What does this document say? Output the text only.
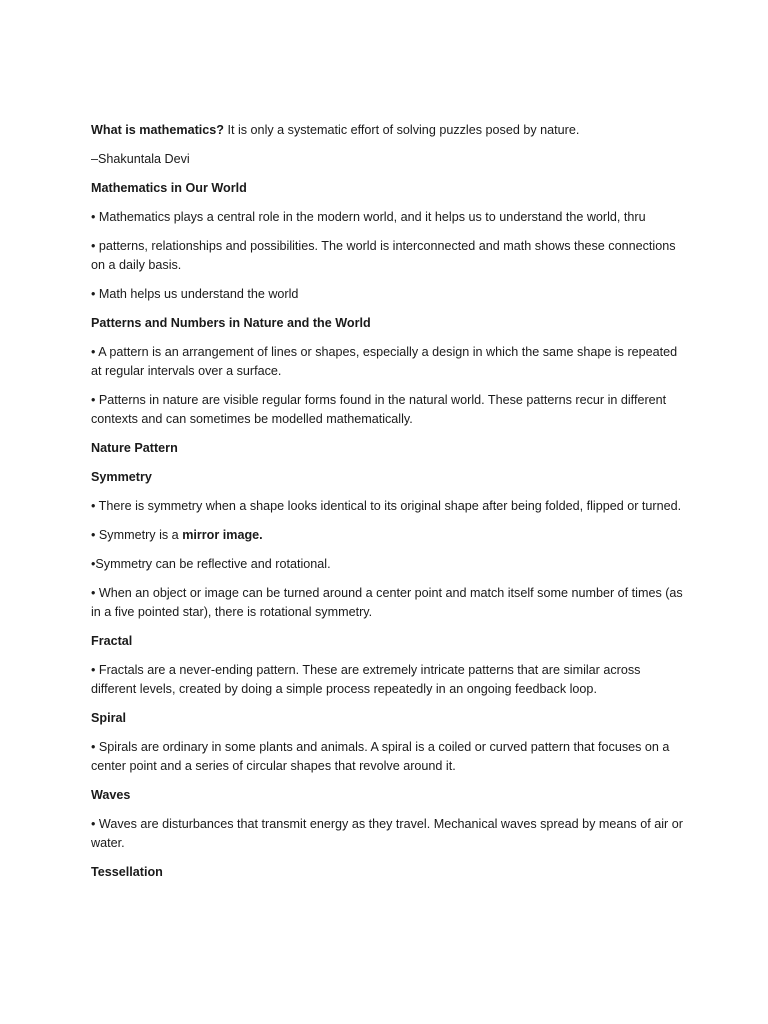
What is mathematics? It is only a systematic effort of solving puzzles posed by nature.

–Shakuntala Devi

Mathematics in Our World

• Mathematics plays a central role in the modern world, and it helps us to understand the world, thru

• patterns, relationships and possibilities. The world is interconnected and math shows these connections on a daily basis.

• Math helps us understand the world

Patterns and Numbers in Nature and the World

• A pattern is an arrangement of lines or shapes, especially a design in which the same shape is repeated at regular intervals over a surface.

• Patterns in nature are visible regular forms found in the natural world. These patterns recur in different contexts and can sometimes be modelled mathematically.

Nature Pattern

Symmetry

• There is symmetry when a shape looks identical to its original shape after being folded, flipped or turned.

• Symmetry is a mirror image.

•Symmetry can be reflective and rotational.

• When an object or image can be turned around a center point and match itself some number of times (as in a five pointed star), there is rotational symmetry.

Fractal

• Fractals are a never-ending pattern. These are extremely intricate patterns that are similar across different levels, created by doing a simple process repeatedly in an ongoing feedback loop.

Spiral

• Spirals are ordinary in some plants and animals. A spiral is a coiled or curved pattern that focuses on a center point and a series of circular shapes that revolve around it.

Waves

• Waves are disturbances that transmit energy as they travel. Mechanical waves spread by means of air or water.

Tessellation
